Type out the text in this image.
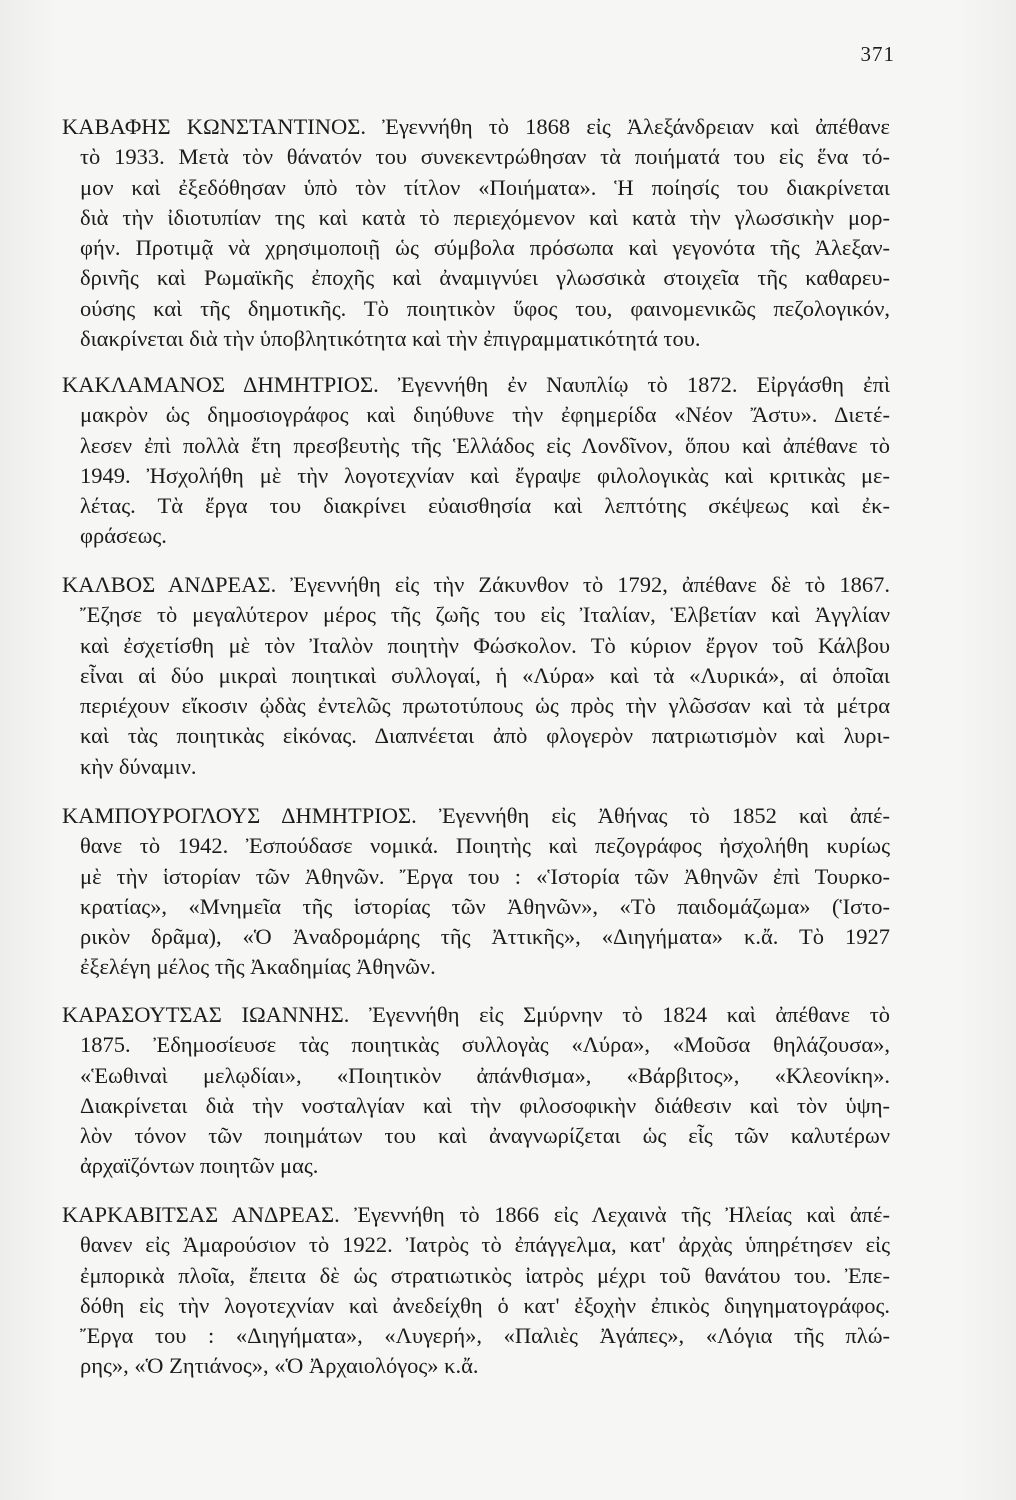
371
ΚΑΒΑΦΗΣ ΚΩΝΣΤΑΝΤΙΝΟΣ. Ἐγεννήθη τὸ 1868 εἰς Ἀλεξάνδρειαν καὶ ἀπέθανε
τὸ 1933. Μετὰ τὸν θάνατόν του συνεκεντρώθησαν τὰ ποιήματά του εἰς ἕνα τό-
μον καὶ ἐξεδόθησαν ὑπὸ τὸν τίτλον «Ποιήματα». Ἡ ποίησίς του διακρίνεται
διὰ τὴν ἰδιοτυπίαν της καὶ κατὰ τὸ περιεχόμενον καὶ κατὰ τὴν γλωσσικὴν μορ-
φήν. Προτιμᾷ νὰ χρησιμοποιῇ ὡς σύμβολα πρόσωπα καὶ γεγονότα τῆς Ἀλεξαν-
δρινῆς καὶ Ρωμαϊκῆς ἐποχῆς καὶ ἀναμιγνύει γλωσσικὰ στοιχεῖα τῆς καθαρευ-
ούσης καὶ τῆς δημοτικῆς. Τὸ ποιητικὸν ὕφος του, φαινομενικῶς πεζολογικόν,
διακρίνεται διὰ τὴν ὑποβλητικότητα καὶ τὴν ἐπιγραμματικότητά του.
ΚΑΚΛΑΜΑΝΟΣ ΔΗΜΗΤΡΙΟΣ. Ἐγεννήθη ἐν Ναυπλίῳ τὸ 1872. Εἰργάσθη ἐπὶ
μακρὸν ὡς δημοσιογράφος καὶ διηύθυνε τὴν ἐφημερίδα «Νέον Ἄστυ». Διετέ-
λεσεν ἐπὶ πολλὰ ἔτη πρεσβευτὴς τῆς Ἑλλάδος εἰς Λονδῖνον, ὅπου καὶ ἀπέθανε τὸ
1949. Ἠσχολήθη μὲ τὴν λογοτεχνίαν καὶ ἔγραψε φιλολογικὰς καὶ κριτικὰς με-
λέτας. Τὰ ἔργα του διακρίνει εὐαισθησία καὶ λεπτότης σκέψεως καὶ ἐκ-
φράσεως.
ΚΑΛΒΟΣ ΑΝΔΡΕΑΣ. Ἐγεννήθη εἰς τὴν Ζάκυνθον τὸ 1792, ἀπέθανε δὲ τὸ 1867.
Ἔζησε τὸ μεγαλύτερον μέρος τῆς ζωῆς του εἰς Ἰταλίαν, Ἑλβετίαν καὶ Ἀγγλίαν
καὶ ἐσχετίσθη μὲ τὸν Ἰταλὸν ποιητὴν Φώσκολον. Τὸ κύριον ἔργον τοῦ Κάλβου
εἶναι αἱ δύο μικραὶ ποιητικαὶ συλλογαί, ἡ «Λύρα» καὶ τὰ «Λυρικά», αἱ ὁποῖαι
περιέχουν εἴκοσιν ᾠδὰς ἐντελῶς πρωτοτύπους ὡς πρὸς τὴν γλῶσσαν καὶ τὰ μέτρα
καὶ τὰς ποιητικὰς εἰκόνας. Διαπνέεται ἀπὸ φλογερὸν πατριωτισμὸν καὶ λυρι-
κὴν δύναμιν.
ΚΑΜΠΟΥΡΟΓΛΟΥΣ ΔΗΜΗΤΡΙΟΣ. Ἐγεννήθη εἰς Ἀθήνας τὸ 1852 καὶ ἀπέ-
θανε τὸ 1942. Ἐσπούδασε νομικά. Ποιητὴς καὶ πεζογράφος ἠσχολήθη κυρίως
μὲ τὴν ἱστορίαν τῶν Ἀθηνῶν. Ἔργα του : «Ἱστορία τῶν Ἀθηνῶν ἐπὶ Τουρκο-
κρατίας», «Μνημεῖα τῆς ἱστορίας τῶν Ἀθηνῶν», «Τὸ παιδομάζωμα» (Ἱστο-
ρικὸν δρᾶμα), «Ὁ Ἀναδρομάρης τῆς Ἀττικῆς», «Διηγήματα» κ.ἄ. Τὸ 1927
ἐξελέγη μέλος τῆς Ἀκαδημίας Ἀθηνῶν.
ΚΑΡΑΣΟΥΤΣΑΣ ΙΩΑΝΝΗΣ. Ἐγεννήθη εἰς Σμύρνην τὸ 1824 καὶ ἀπέθανε τὸ
1875. Ἐδημοσίευσε τὰς ποιητικὰς συλλογὰς «Λύρα», «Μοῦσα θηλάζουσα»,
«Ἑωθιναὶ μελῳδίαι», «Ποιητικὸν ἀπάνθισμα», «Βάρβιτος», «Κλεονίκη».
Διακρίνεται διὰ τὴν νοσταλγίαν καὶ τὴν φιλοσοφικὴν διάθεσιν καὶ τὸν ὑψη-
λὸν τόνον τῶν ποιημάτων του καὶ ἀναγνωρίζεται ὡς εἷς τῶν καλυτέρων
ἀρχαϊζόντων ποιητῶν μας.
ΚΑΡΚΑΒΙΤΣΑΣ ΑΝΔΡΕΑΣ. Ἐγεννήθη τὸ 1866 εἰς Λεχαινὰ τῆς Ἠλείας καὶ ἀπέ-
θανεν εἰς Ἀμαρούσιον τὸ 1922. Ἰατρὸς τὸ ἐπάγγελμα, κατ' ἀρχὰς ὑπηρέτησεν εἰς
ἐμπορικὰ πλοῖα, ἔπειτα δὲ ὡς στρατιωτικὸς ἰατρὸς μέχρι τοῦ θανάτου του. Ἐπε-
δόθη εἰς τὴν λογοτεχνίαν καὶ ἀνεδείχθη ὁ κατ' ἐξοχὴν ἐπικὸς διηγηματογράφος.
Ἔργα του : «Διηγήματα», «Λυγερή», «Παλιὲς Ἀγάπες», «Λόγια τῆς πλώ-
ρης», «Ὁ Ζητιάνος», «Ὁ Ἀρχαιολόγος» κ.ἄ.
